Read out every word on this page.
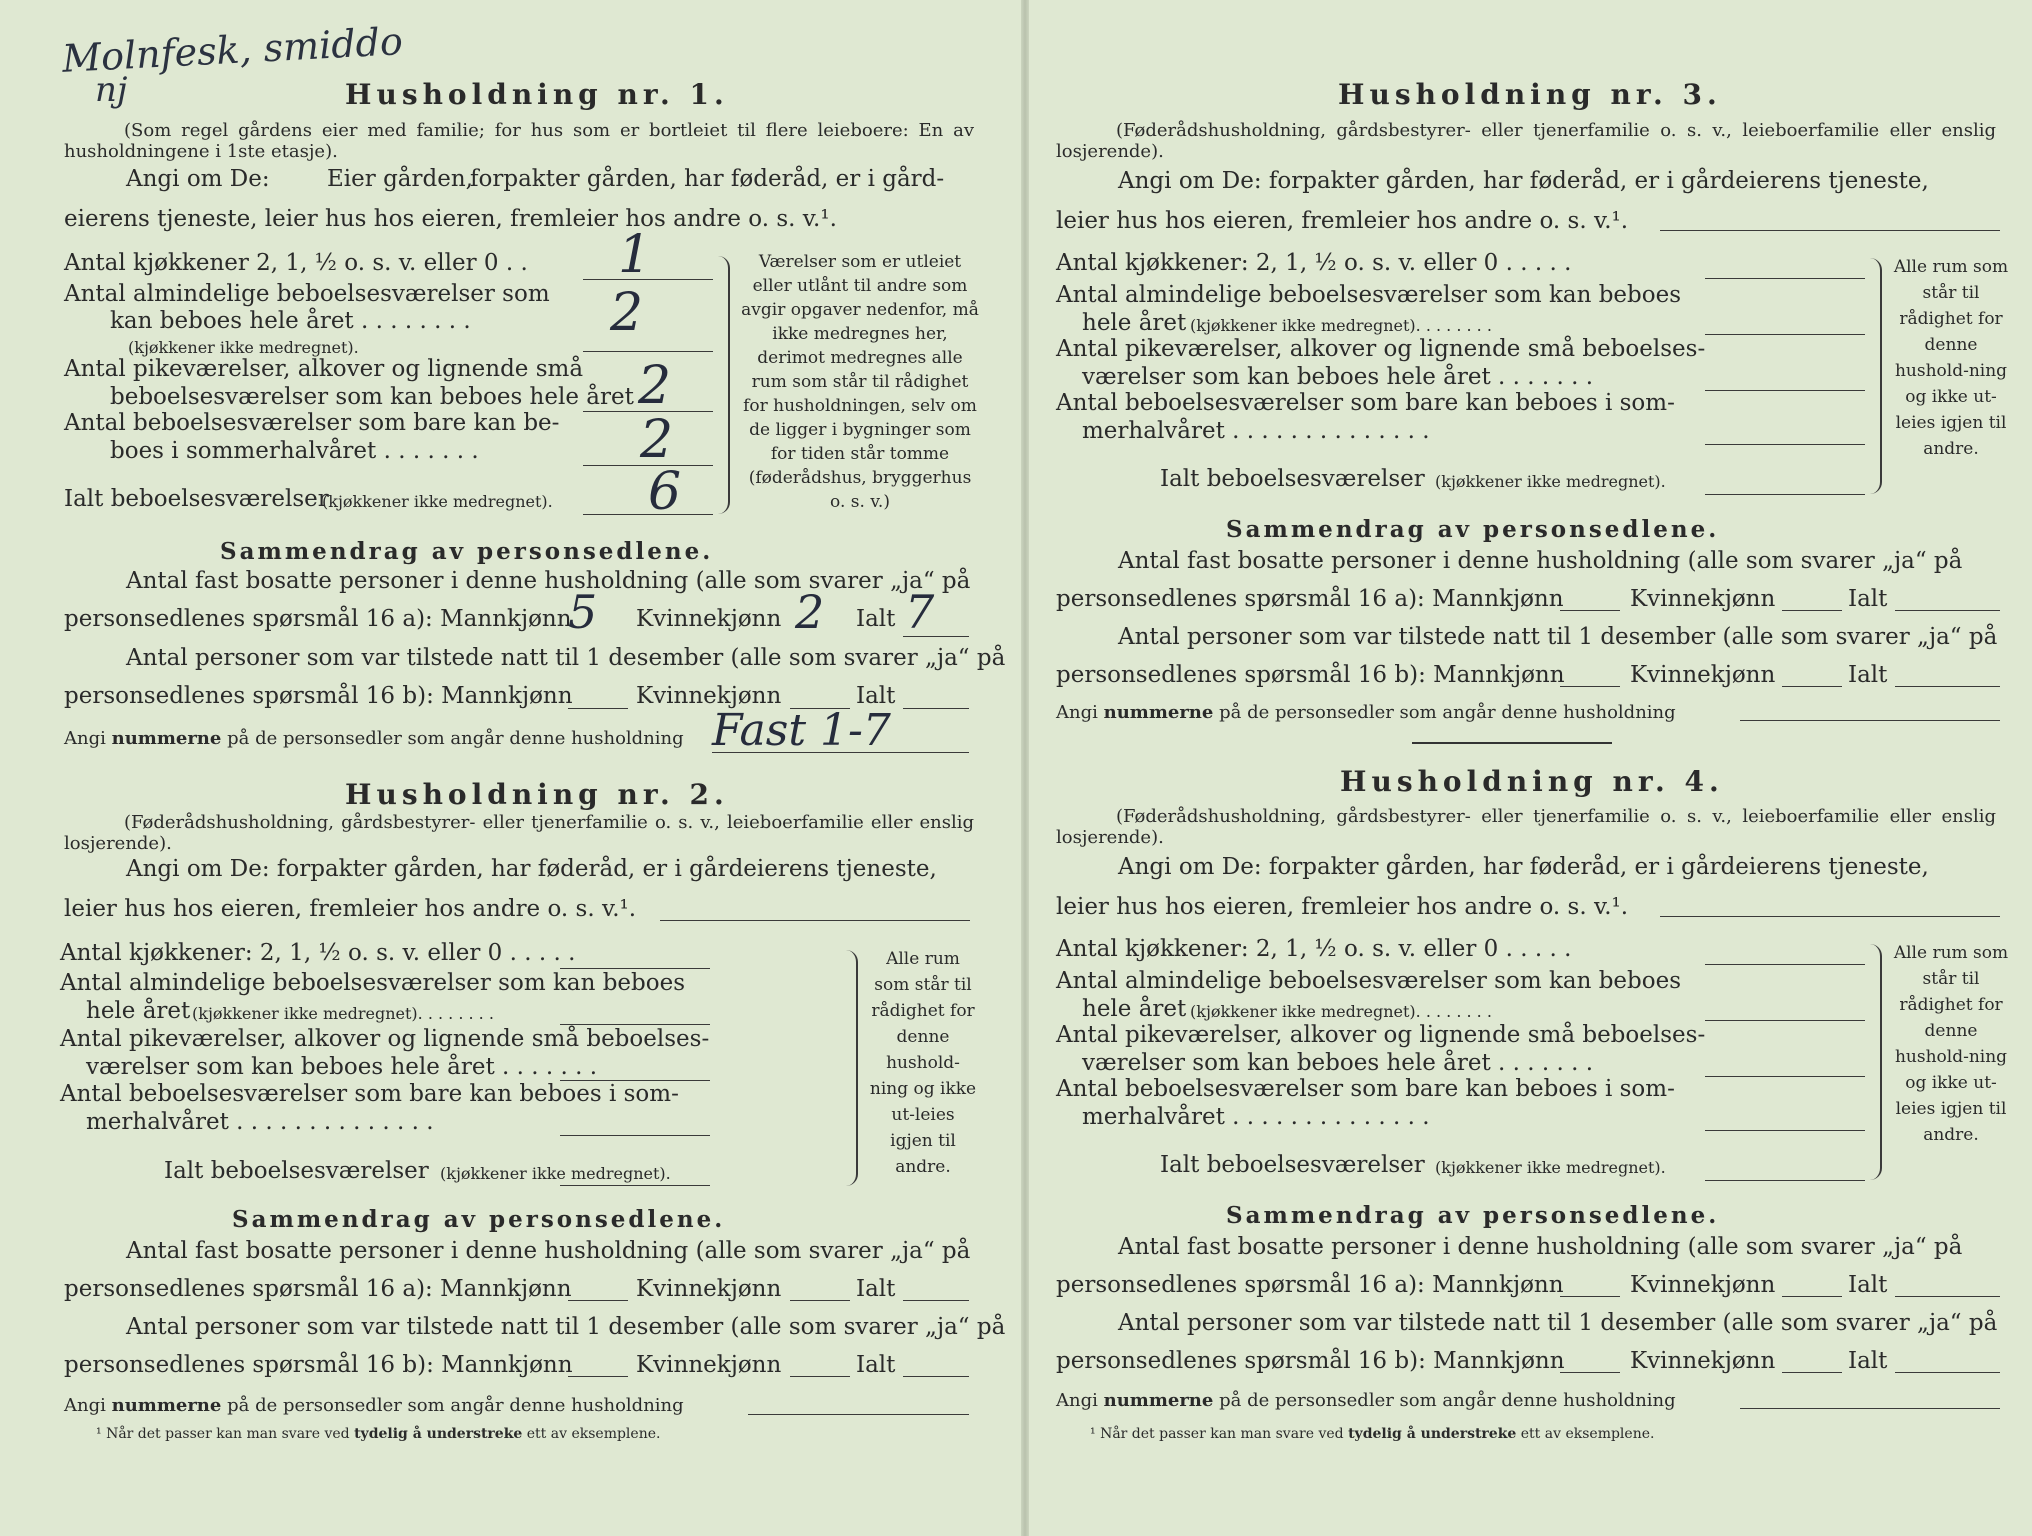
Molnfesk, smiddo
nj	Husholdning nr. 1.
(Som regel gårdens eier med familie; for hus som er bortleiet til flere leieboere: En av husholdningene i 1ste etasje).
Angi om De: Eier gården,
forpakter gården, har føderåd, er i gård-
eierens tjeneste, leier hus hos eieren, fremleier hos andre o. s. v.¹.
Antal kjøkkener 2, 1, ½ o. s. v. eller 0 . . 1
Antal almindelige beboelsesværelser som
kan beboes hele året . . . . . . . .
(kjøkkener ikke medregnet).
2
Antal pikeværelser, alkover og lignende små
beboelsesværelser som kan beboes hele året 2
Antal beboelsesværelser som bare kan be-
boes i sommerhalvåret . . . . . . .	2
Ialt beboelsesværelser
(kjøkkener ikke medregnet). 6
Værelser som er utleiet eller utlånt til andre som avgir opgaver nedenfor, må ikke medregnes her, derimot medregnes alle rum som står til rådighet for husholdningen, selv om de ligger i bygninger som for tiden står tomme (føderådshus, bryggerhus o. s. v.)
Sammendrag av personsedlene.
Antal fast bosatte personer i denne husholdning (alle som svarer „ja“ på
personsedlenes spørsmål 16 a): Mannkjønn
5 Kvinnekjønn 2 Ialt 7
Antal personer som var tilstede natt til 1 desember (alle som svarer „ja“ på
personsedlenes spørsmål 16 b): Mannkjønn	Kvinnekjønn	Ialt
Angi nummerne på de personsedler som angår denne husholdning Fast 1-7
Husholdning nr. 2.
(Føderådshusholdning, gårdsbestyrer- eller tjenerfamilie o. s. v., leieboerfamilie eller enslig losjerende).
Angi om De: forpakter gården, har føderåd, er i gårdeierens tjeneste,
leier hus hos eieren, fremleier hos andre o. s. v.¹.
Antal kjøkkener: 2, 1, ½ o. s. v. eller 0 . . . . .
Antal almindelige beboelsesværelser som kan beboes
hele året (kjøkkener ikke medregnet). . . . . . . .
Antal pikeværelser, alkover og lignende små beboelses-
værelser som kan beboes hele året . . . . . . .
Antal beboelsesværelser som bare kan beboes i som-
merhalvåret . . . . . . . . . . . . . .
Ialt beboelsesværelser (kjøkkener ikke medregnet).
Alle rum som står til rådighet for denne hushold-ning og ikke ut-leies igjen til andre.
Sammendrag av personsedlene.
Antal fast bosatte personer i denne husholdning (alle som svarer „ja“ på
personsedlenes spørsmål 16 a): Mannkjønn	Kvinnekjønn	Ialt
Antal personer som var tilstede natt til 1 desember (alle som svarer „ja“ på
personsedlenes spørsmål 16 b): Mannkjønn	Kvinnekjønn	Ialt
Angi nummerne på de personsedler som angår denne husholdning
¹ Når det passer kan man svare ved tydelig å understreke ett av eksemplene.
Husholdning nr. 3.
(Føderådshusholdning, gårdsbestyrer- eller tjenerfamilie o. s. v., leieboerfamilie eller enslig losjerende).
Angi om De: forpakter gården, har føderåd, er i gårdeierens tjeneste,
leier hus hos eieren, fremleier hos andre o. s. v.¹.
Antal kjøkkener: 2, 1, ½ o. s. v. eller 0 . . . . .
Antal almindelige beboelsesværelser som kan beboes
hele året (kjøkkener ikke medregnet). . . . . . . .
Antal pikeværelser, alkover og lignende små beboelses-
værelser som kan beboes hele året . . . . . . .
Antal beboelsesværelser som bare kan beboes i som-
merhalvåret . . . . . . . . . . . . . .
Ialt beboelsesværelser (kjøkkener ikke medregnet).
Alle rum som står til rådighet for denne hushold-ning og ikke ut-leies igjen til andre.
Sammendrag av personsedlene.
Antal fast bosatte personer i denne husholdning (alle som svarer „ja“ på
personsedlenes spørsmål 16 a): Mannkjønn	Kvinnekjønn	Ialt
Antal personer som var tilstede natt til 1 desember (alle som svarer „ja“ på
personsedlenes spørsmål 16 b): Mannkjønn	Kvinnekjønn	Ialt
Angi nummerne på de personsedler som angår denne husholdning
Husholdning nr. 4.
(Føderådshusholdning, gårdsbestyrer- eller tjenerfamilie o. s. v., leieboerfamilie eller enslig losjerende).
Angi om De: forpakter gården, har føderåd, er i gårdeierens tjeneste,
leier hus hos eieren, fremleier hos andre o. s. v.¹.
Antal kjøkkener: 2, 1, ½ o. s. v. eller 0 . . . . .
Antal almindelige beboelsesværelser som kan beboes
hele året (kjøkkener ikke medregnet). . . . . . . .
Antal pikeværelser, alkover og lignende små beboelses-
værelser som kan beboes hele året . . . . . . .
Antal beboelsesværelser som bare kan beboes i som-
merhalvåret . . . . . . . . . . . . . .
Ialt beboelsesværelser (kjøkkener ikke medregnet).
Alle rum som står til rådighet for denne hushold-ning og ikke ut-leies igjen til andre.
Sammendrag av personsedlene.
Antal fast bosatte personer i denne husholdning (alle som svarer „ja“ på
personsedlenes spørsmål 16 a): Mannkjønn	Kvinnekjønn	Ialt
Antal personer som var tilstede natt til 1 desember (alle som svarer „ja“ på
personsedlenes spørsmål 16 b): Mannkjønn	Kvinnekjønn	Ialt
Angi nummerne på de personsedler som angår denne husholdning
¹ Når det passer kan man svare ved tydelig å understreke ett av eksemplene.
